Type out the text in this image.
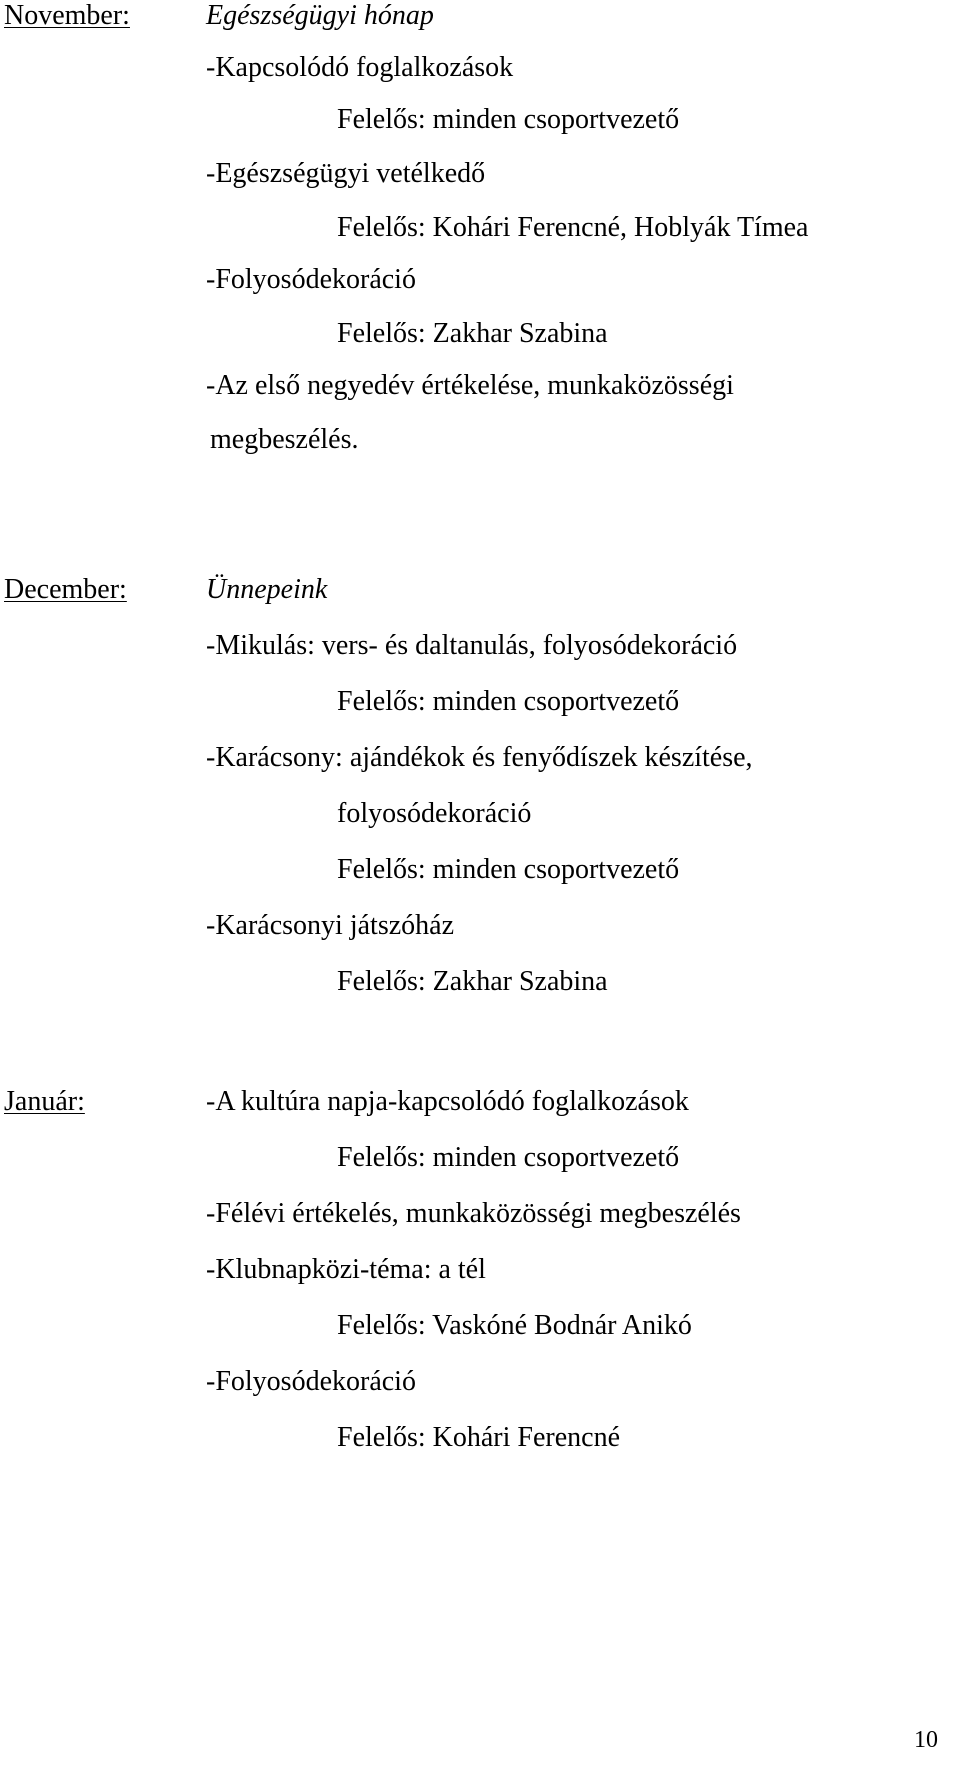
November:	Egészségügyi hónap
-Kapcsolódó foglalkozások
Felelős: minden csoportvezető
-Egészségügyi vetélkedő
Felelős: Kohári Ferencné, Hoblyák Tímea
-Folyosódekoráció
Felelős: Zakhar Szabina
-Az első negyedév értékelése, munkaközösségi
megbeszélés.
December:	Ünnepeink
-Mikulás: vers- és daltanulás, folyosódekoráció
Felelős: minden csoportvezető
-Karácsony: ajándékok és fenyődíszek készítése,
folyosódekoráció
Felelős: minden csoportvezető
-Karácsonyi játszóház
Felelős: Zakhar Szabina
Január:	-A kultúra napja-kapcsolódó foglalkozások
Felelős: minden csoportvezető
-Félévi értékelés, munkaközösségi megbeszélés
-Klubnapközi-téma: a tél
Felelős: Vaskóné Bodnár Anikó
-Folyosódekoráció
Felelős: Kohári Ferencné
10
